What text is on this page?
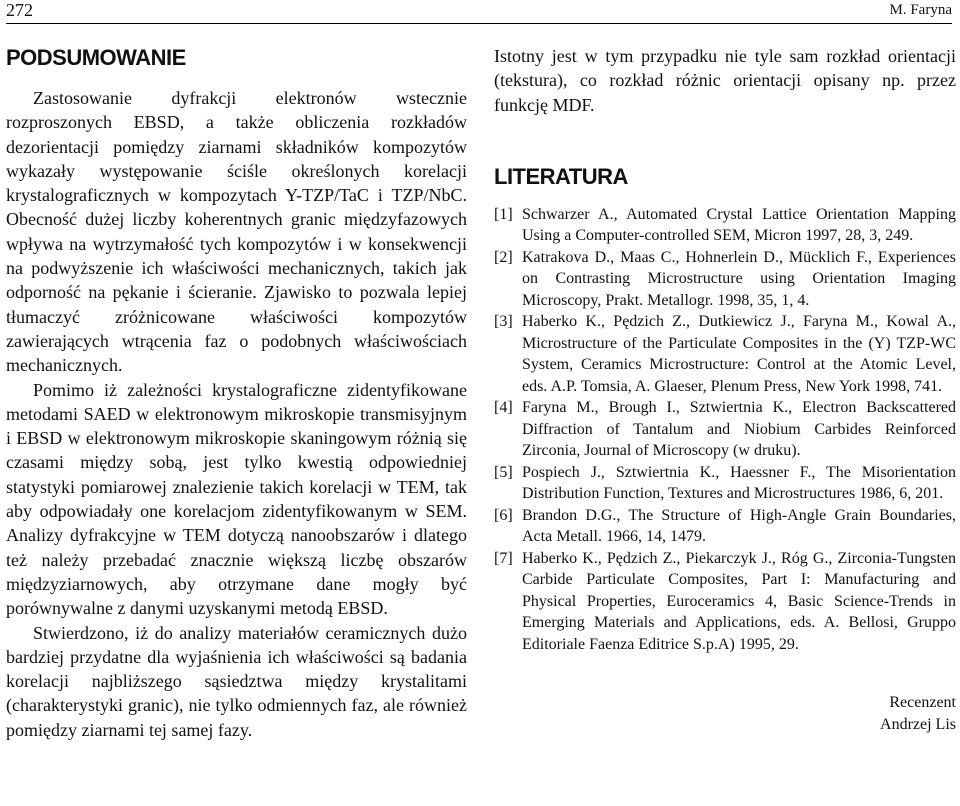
272	M. Faryna
PODSUMOWANIE

Zastosowanie dyfrakcji elektronów wstecznie rozproszonych EBSD, a także obliczenia rozkładów dezorientacji pomiędzy ziarnami składników kompozytów wykazały występowanie ściśle określonych korelacji krystalograficznych w kompozytach Y-TZP/TaC i TZP/NbC. Obecność dużej liczby koherentnych granic międzyfazowych wpływa na wytrzymałość tych kompozytów i w konsekwencji na podwyższenie ich właściwości mechanicznych, takich jak odporność na pękanie i ścieranie. Zjawisko to pozwala lepiej tłumaczyć zróżnicowane właściwości kompozytów zawierających wtrącenia faz o podobnych właściwościach mechanicznych.

Pomimo iż zależności krystalograficzne zidentyfikowane metodami SAED w elektronowym mikroskopie transmisyjnym i EBSD w elektronowym mikroskopie skaningowym różnią się czasami między sobą, jest tylko kwestią odpowiedniej statystyki pomiarowej znalezienie takich korelacji w TEM, tak aby odpowiadały one korelacjom zidentyfikowanym w SEM. Analizy dyfrakcyjne w TEM dotyczą nanoobszarów i dlatego też należy przebadać znacznie większą liczbę obszarów międzyziarnowych, aby otrzymane dane mogły być porównywalne z danymi uzyskanymi metodą EBSD.

Stwierdzono, iż do analizy materiałów ceramicznych dużo bardziej przydatne dla wyjaśnienia ich właściwości są badania korelacji najbliższego sąsiedztwa między krystalitami (charakterystyki granic), nie tylko odmiennych faz, ale również pomiędzy ziarnami tej samej fazy.

Istotny jest w tym przypadku nie tyle sam rozkład orientacji (tekstura), co rozkład różnic orientacji opisany np. przez funkcję MDF.

LITERATURA
[1] Schwarzer A., Automated Crystal Lattice Orientation Mapping Using a Computer-controlled SEM, Micron 1997, 28, 3, 249.
[2] Katrakova D., Maas C., Hohnerlein D., Mücklich F., Experiences on Contrasting Microstructure using Orientation Imaging Microscopy, Prakt. Metallogr. 1998, 35, 1, 4.
[3] Haberko K., Pędzich Z., Dutkiewicz J., Faryna M., Kowal A., Microstructure of the Particulate Composites in the (Y) TZP-WC System, Ceramics Microstructure: Control at the Atomic Level, eds. A.P. Tomsia, A. Glaeser, Plenum Press, New York 1998, 741.
[4] Faryna M., Brough I., Sztwiertnia K., Electron Backscattered Diffraction of Tantalum and Niobium Carbides Reinforced Zirconia, Journal of Microscopy (w druku).
[5] Pospiech J., Sztwiertnia K., Haessner F., The Misorientation Distribution Function, Textures and Microstructures 1986, 6, 201.
[6] Brandon D.G., The Structure of High-Angle Grain Boundaries, Acta Metall. 1966, 14, 1479.
[7] Haberko K., Pędzich Z., Piekarczyk J., Róg G., Zirconia-Tungsten Carbide Particulate Composites, Part I: Manufacturing and Physical Properties, Euroceramics 4, Basic Science-Trends in Emerging Materials and Applications, eds. A. Bellosi, Gruppo Editoriale Faenza Editrice S.p.A) 1995, 29.
Recenzent
Andrzej Lis
